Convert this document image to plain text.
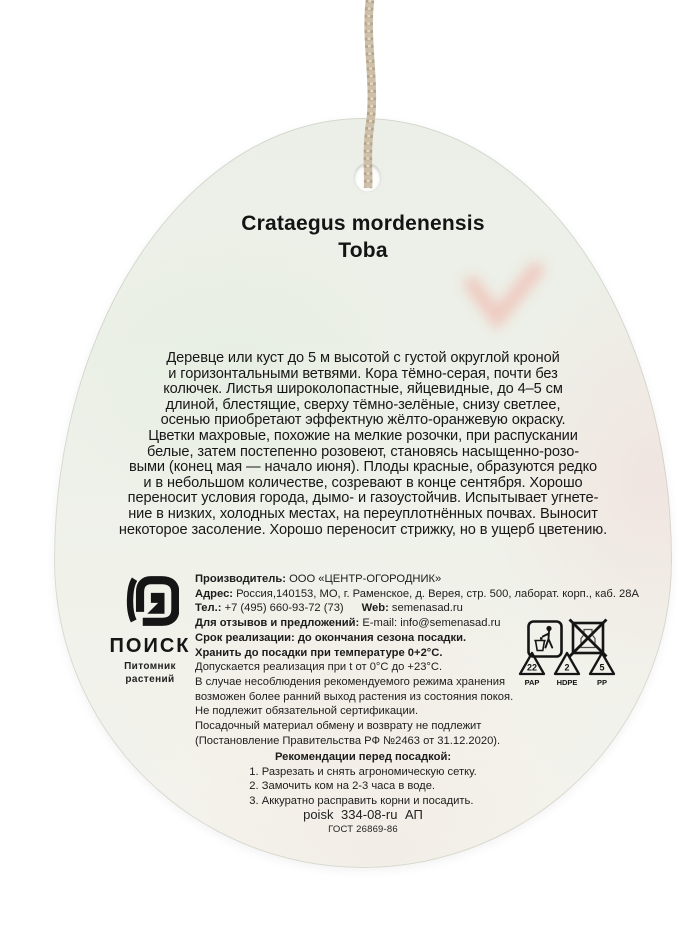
Crataegus mordenensis
Toba
Деревце или куст до 5 м высотой с густой округлой кроной
и горизонтальными ветвями. Кора тёмно-серая, почти без
колючек. Листья широколопастные, яйцевидные, до 4–5 см
длиной, блестящие, сверху тёмно-зелёные, снизу светлее,
осенью приобретают эффектную жёлто-оранжевую окраску.
Цветки махровые, похожие на мелкие розочки, при распускании
белые, затем постепенно розовеют, становясь насыщенно-розо-
выми (конец мая — начало июня). Плоды красные, образуются редко
и в небольшом количестве, созревают в конце сентября. Хорошо
переносит условия города, дымо- и газоустойчив. Испытывает угнете-
ние в низких, холодных местах, на переуплотнённых почвах. Выносит
некоторое засоление. Хорошо переносит стрижку, но в ущерб цветению.
ПОИСК
Питомник
растений
Производитель: ООО «ЦЕНТР-ОГОРОДНИК»
Адрес: Россия,140153, МО, г. Раменское, д. Верея, стр. 500, лаборат. корп., каб. 28А
Тел.: +7 (495) 660-93-72 (73) Web: semenasad.ru
Для отзывов и предложений: E-mail: info@semenasad.ru
Срок реализации: до окончания сезона посадки.
Хранить до посадки при температуре 0+2°С.
Допускается реализация при t от 0°С до +23°С.
В случае несоблюдения рекомендуемого режима хранения
возможен более ранний выход растения из состояния покоя.
Не подлежит обязательной сертификации.
Посадочный материал обмену и возврату не подлежит
(Постановление Правительства РФ №2463 от 31.12.2020).
22	2	5
PAP	HDPE	PP
Рекомендации перед посадкой:
1. Разрезать и снять агрономическую сетку.
2. Замочить ком на 2-3 часа в воде.
3. Аккуратно расправить корни и посадить.
poisk 334-08-ru АП
ГОСТ 26869-86
